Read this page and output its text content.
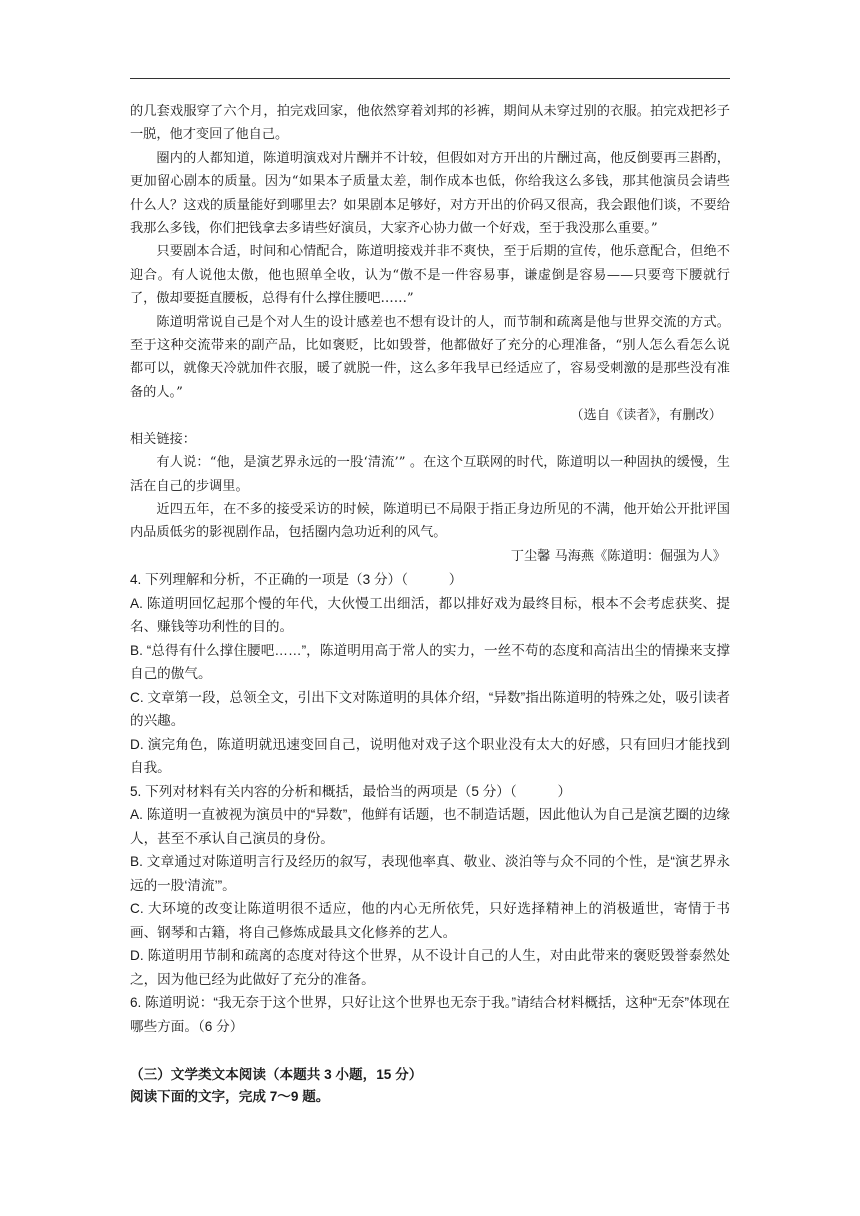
的几套戏服穿了六个月，拍完戏回家，他依然穿着刘邦的衫裤，期间从未穿过别的衣服。拍完戏把衫子一脱，他才变回了他自己。

圈内的人都知道，陈道明演戏对片酬并不计较，但假如对方开出的片酬过高，他反倒要再三斟酌，更加留心剧本的质量。因为“如果本子质量太差，制作成本也低，你给我这么多钱，那其他演员会请些什么人？这戏的质量能好到哪里去？如果剧本足够好，对方开出的价码又很高，我会跟他们谈，不要给我那么多钱，你们把钱拿去多请些好演员，大家齐心协力做一个好戏，至于我没那么重要。”

只要剧本合适，时间和心情配合，陈道明接戏并非不爽快，至于后期的宣传，他乐意配合，但绝不迎合。有人说他太傲，他也照单全收，认为“傲不是一件容易事，谦虚倒是容易——只要弯下腰就行了，傲却要挺直腰板，总得有什么撑住腰吧……”

陈道明常说自己是个对人生的设计感差也不想有设计的人，而节制和疏离是他与世界交流的方式。至于这种交流带来的副产品，比如褒贬，比如毁誉，他都做好了充分的心理准备，“别人怎么看怎么说都可以，就像天冷就加件衣服，暖了就脱一件，这么多年我早已经适应了，容易受刺激的是那些没有准备的人。”

（选自《读者》，有删改）

相关链接：

有人说：“他，是演艺界永远的一股‘清流’” 。在这个互联网的时代，陈道明以一种固执的缓慢，生活在自己的步调里。

近四五年，在不多的接受采访的时候，陈道明已不局限于指正身边所见的不满，他开始公开批评国内品质低劣的影视剧作品，包括圈内急功近利的风气。

丁尘馨 马海燕《陈道明：倔强为人》

4. 下列理解和分析，不正确的一项是（3 分）（　　　）

A. 陈道明回忆起那个慢的年代，大伙慢工出细活，都以排好戏为最终目标，根本不会考虑获奖、提名、赚钱等功利性的目的。

B. “总得有什么撑住腰吧……”，陈道明用高于常人的实力，一丝不苟的态度和高洁出尘的情操来支撑自己的傲气。

C. 文章第一段，总领全文，引出下文对陈道明的具体介绍，“异数”指出陈道明的特殊之处，吸引读者的兴趣。

D. 演完角色，陈道明就迅速变回自己，说明他对戏子这个职业没有太大的好感，只有回归才能找到自我。

5. 下列对材料有关内容的分析和概括，最恰当的两项是（5 分）（　　　）

A. 陈道明一直被视为演员中的“异数”，他鲜有话题，也不制造话题，因此他认为自己是演艺圈的边缘人，甚至不承认自己演员的身份。

B. 文章通过对陈道明言行及经历的叙写，表现他率真、敬业、淡泊等与众不同的个性，是“演艺界永远的一股‘清流’”。

C. 大环境的改变让陈道明很不适应，他的内心无所依凭，只好选择精神上的消极遁世，寄情于书画、钢琴和古籍，将自己修炼成最具文化修养的艺人。

D. 陈道明用节制和疏离的态度对待这个世界，从不设计自己的人生，对由此带来的褒贬毁誉泰然处之，因为他已经为此做好了充分的准备。

6. 陈道明说：“我无奈于这个世界，只好让这个世界也无奈于我。”请结合材料概括，这种“无奈”体现在哪些方面。（6 分）

（三）文学类文本阅读（本题共 3 小题，15 分）

阅读下面的文字，完成 7～9 题。
